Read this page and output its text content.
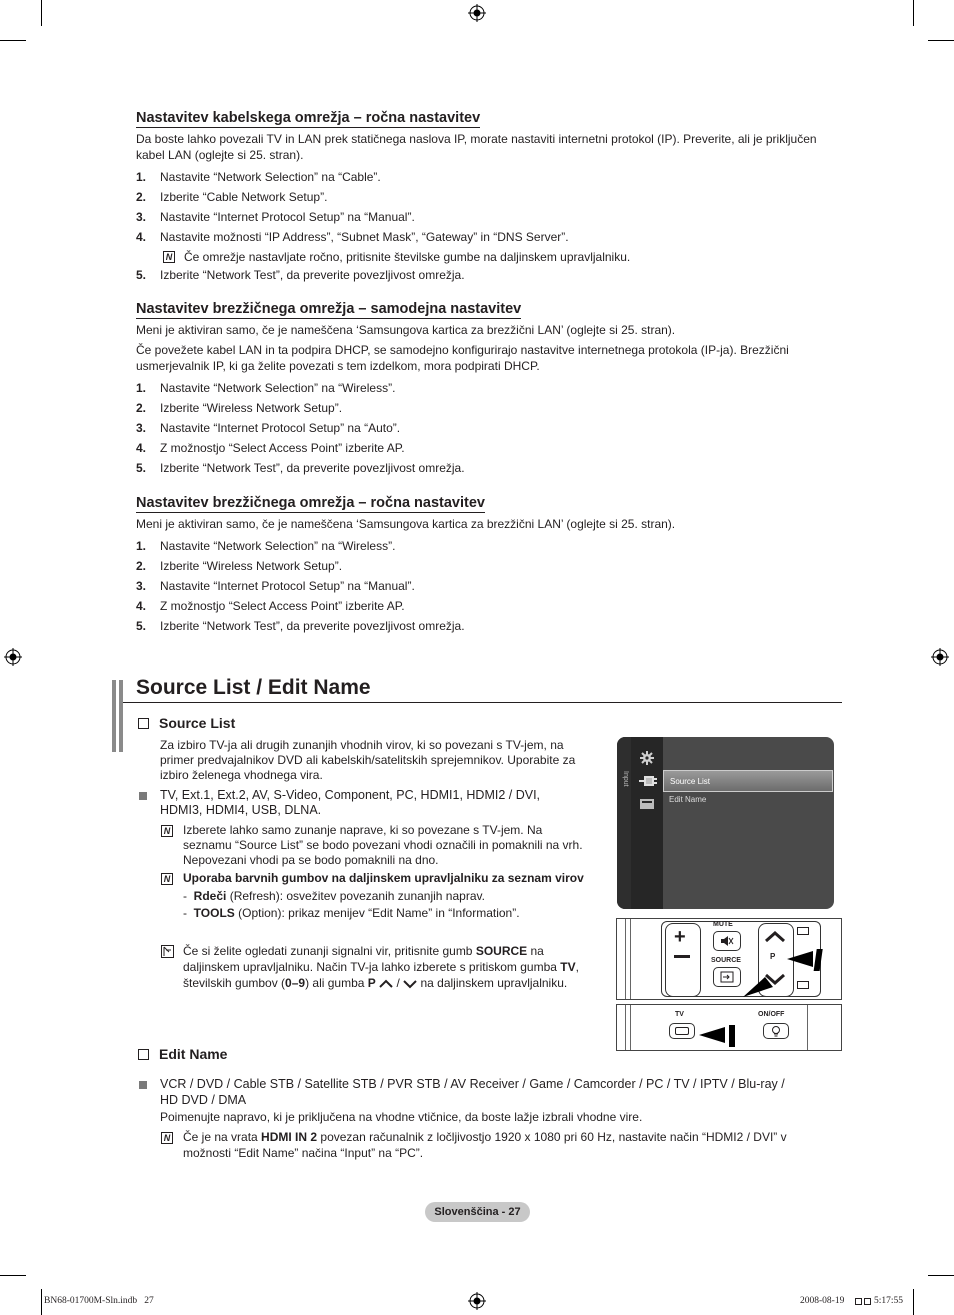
Nastavitev kabelskega omrežja – ročna nastavitev
Da boste lahko povezali TV in LAN prek statičnega naslova IP, morate nastaviti internetni protokol (IP). Preverite, ali je priključen kabel LAN (oglejte si 25. stran).
1. Nastavite “Network Selection” na “Cable”.
2. Izberite “Cable Network Setup”.
3. Nastavite “Internet Protocol Setup” na “Manual”.
4. Nastavite možnosti “IP Address”, “Subnet Mask”, “Gateway” in “DNS Server”.
N Če omrežje nastavljate ročno, pritisnite številske gumbe na daljinskem upravljalniku.
5. Izberite “Network Test”, da preverite povezljivost omrežja.
Nastavitev brezžičnega omrežja – samodejna nastavitev
Meni je aktiviran samo, če je nameščena ‘Samsungova kartica za brezžični LAN’ (oglejte si 25. stran).
Če povežete kabel LAN in ta podpira DHCP, se samodejno konfigurirajo nastavitve internetnega protokola (IP-ja). Brezžični usmerjevalnik IP, ki ga želite povezati s tem izdelkom, mora podpirati DHCP.
1. Nastavite “Network Selection” na “Wireless”.
2. Izberite “Wireless Network Setup”.
3. Nastavite “Internet Protocol Setup” na “Auto”.
4. Z možnostjo “Select Access Point” izberite AP.
5. Izberite “Network Test”, da preverite povezljivost omrežja.
Nastavitev brezžičnega omrežja – ročna nastavitev
Meni je aktiviran samo, če je nameščena ‘Samsungova kartica za brezžični LAN’ (oglejte si 25. stran).
1. Nastavite “Network Selection” na “Wireless”.
2. Izberite “Wireless Network Setup”.
3. Nastavite “Internet Protocol Setup” na “Manual”.
4. Z možnostjo “Select Access Point” izberite AP.
5. Izberite “Network Test”, da preverite povezljivost omrežja.
Source List / Edit Name
Source List
Za izbiro TV-ja ali drugih zunanjih vhodnih virov, ki so povezani s TV-jem, na
primer predvajalnikov DVD ali kabelskih/satelitskih sprejemnikov. Uporabite za
izbiro želenega vhodnega vira.
TV, Ext.1, Ext.2, AV, S-Video, Component, PC, HDMI1, HDMI2 / DVI,
HDMI3, HDMI4, USB, DLNA.
N Izberete lahko samo zunanje naprave, ki so povezane s TV-jem. Na
seznamu “Source List” se bodo povezani vhodi označili in pomaknili na vrh.
Nepovezani vhodi pa se bodo pomaknili na dno.
N Uporaba barvnih gumbov na daljinskem upravljalniku za seznam virov
- Rdeči (Refresh): osvežitev povezanih zunanjih naprav.
- TOOLS (Option): prikaz menijev “Edit Name” in “Information”.
Če si želite ogledati zunanji signalni vir, pritisnite gumb SOURCE na
daljinskem upravljalniku. Način TV-ja lahko izberete s pritiskom gumba TV,
številskih gumbov (0–9) ali gumba P  /  na daljinskem upravljalniku.
Input	Source List
Edit Name
+
MUTE
SOURCE	P
TV	ON/OFF
Edit Name
VCR / DVD / Cable STB / Satellite STB / PVR STB / AV Receiver / Game / Camcorder / PC / TV / IPTV / Blu-ray /
HD DVD / DMA
Poimenujte napravo, ki je priključena na vhodne vtičnice, da boste lažje izbrali vhodne vire.
N Če je na vrata HDMI IN 2 povezan računalnik z ločljivostjo 1920 x 1080 pri 60 Hz, nastavite način “HDMI2 / DVI” v
možnosti “Edit Name” načina “Input” na “PC”.
Slovenščina - 27
BN68-01700M-Sln.indb   27	2008-08-19	5:17:55
